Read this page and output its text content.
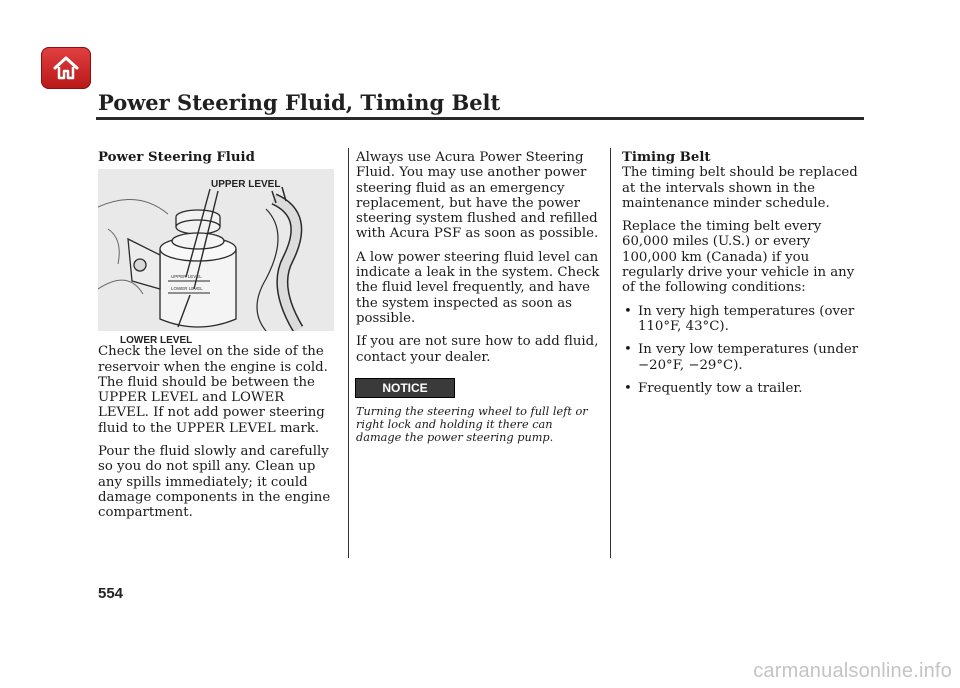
Power Steering Fluid, Timing Belt

Power Steering Fluid

UPPER LEVEL
LOWER LEVEL
UPPER LEVEL
LOWER LEVEL

Check the level on the side of the reservoir when the engine is cold. The fluid should be between the UPPER LEVEL and LOWER LEVEL. If not add power steering fluid to the UPPER LEVEL mark.

Pour the fluid slowly and carefully so you do not spill any. Clean up any spills immediately; it could damage components in the engine compartment.

Always use Acura Power Steering Fluid. You may use another power steering fluid as an emergency replacement, but have the power steering system flushed and refilled with Acura PSF as soon as possible.

A low power steering fluid level can indicate a leak in the system. Check the fluid level frequently, and have the system inspected as soon as possible.

If you are not sure how to add fluid, contact your dealer.

NOTICE

Turning the steering wheel to full left or right lock and holding it there can damage the power steering pump.

Timing Belt

The timing belt should be replaced at the intervals shown in the maintenance minder schedule.

Replace the timing belt every 60,000 miles (U.S.) or every 100,000 km (Canada) if you regularly drive your vehicle in any of the following conditions:

• In very high temperatures (over 110°F, 43°C).
• In very low temperatures (under −20°F, −29°C).
• Frequently tow a trailer.

554

carmanualsonline.info
